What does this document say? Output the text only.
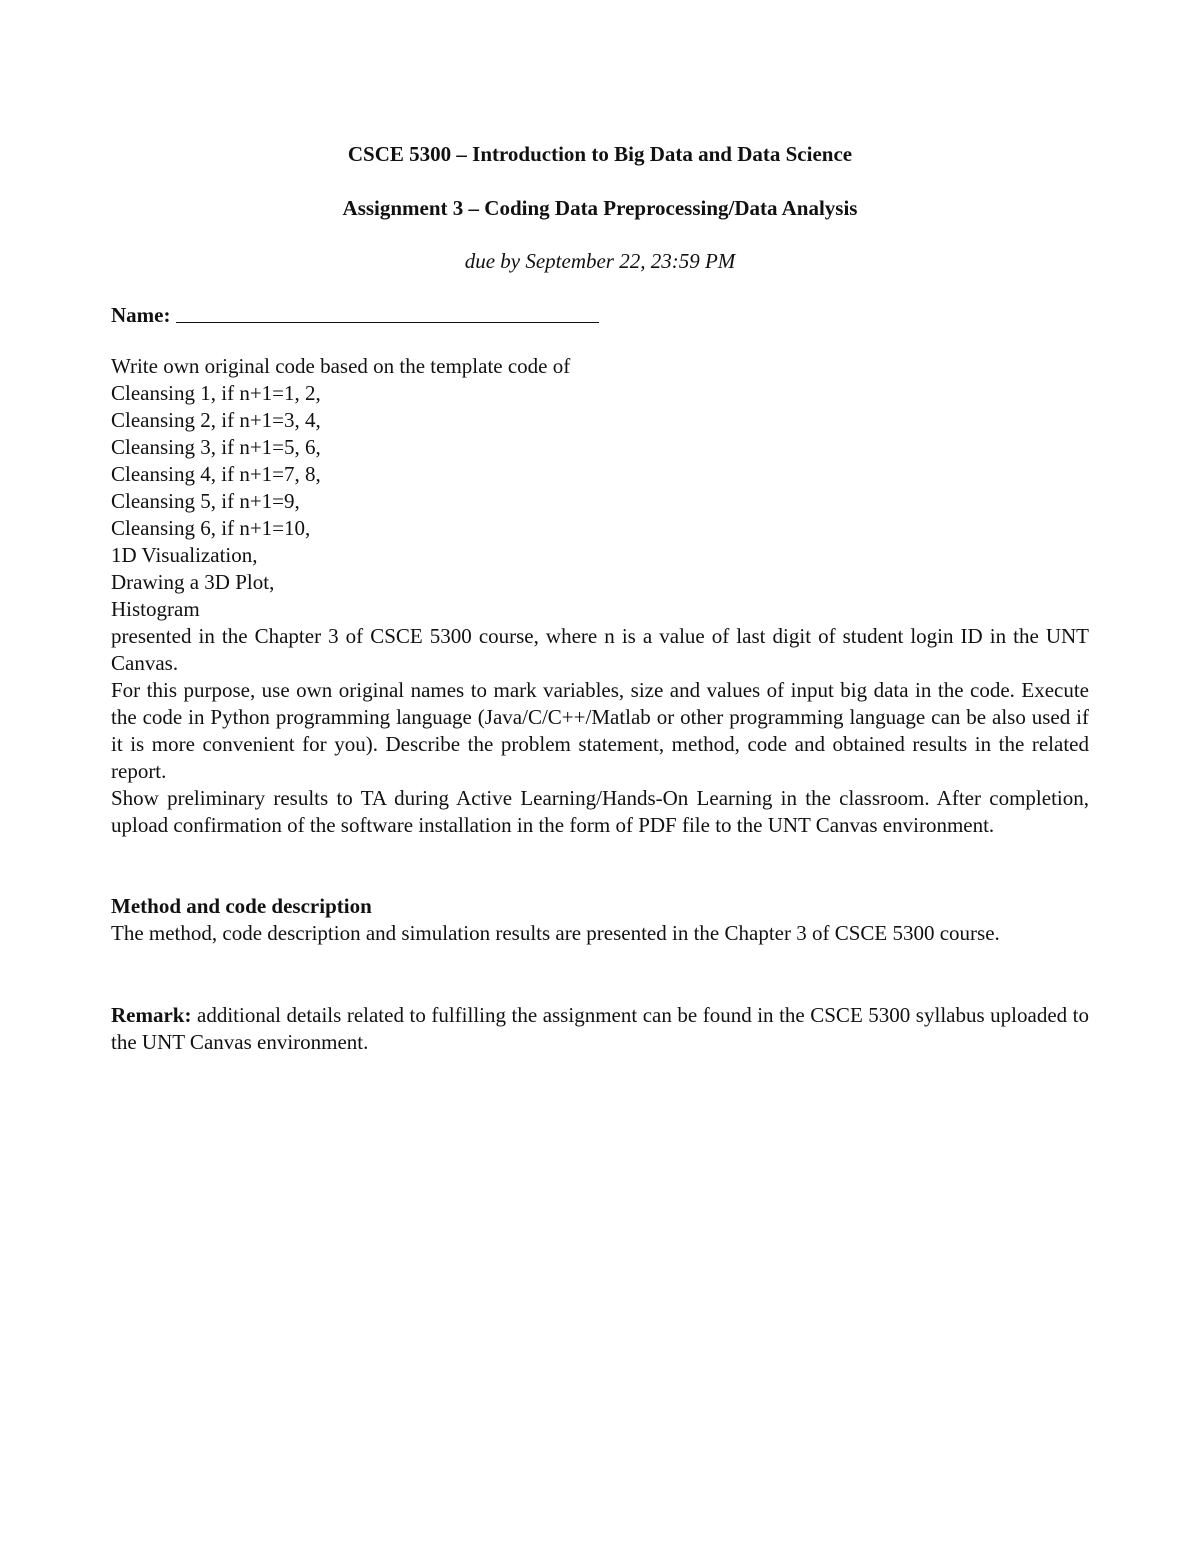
CSCE 5300 – Introduction to Big Data and Data Science
Assignment 3 – Coding Data Preprocessing/Data Analysis
due by September 22, 23:59 PM
Name:
Write own original code based on the template code of
Cleansing 1, if n+1=1, 2,
Cleansing 2, if n+1=3, 4,
Cleansing 3, if n+1=5, 6,
Cleansing 4, if n+1=7, 8,
Cleansing 5, if n+1=9,
Cleansing 6, if n+1=10,
1D Visualization,
Drawing a 3D Plot,
Histogram

presented in the Chapter 3 of CSCE 5300 course, where n is a value of last digit of student login ID in the UNT Canvas.

For this purpose, use own original names to mark variables, size and values of input big data in the code. Execute the code in Python programming language (Java/C/C++/Matlab or other programming language can be also used if it is more convenient for you). Describe the problem statement, method, code and obtained results in the related report.

Show preliminary results to TA during Active Learning/Hands-On Learning in the classroom. After completion, upload confirmation of the software installation in the form of PDF file to the UNT Canvas environment.

Method and code description

The method, code description and simulation results are presented in the Chapter 3 of CSCE 5300 course.

Remark: additional details related to fulfilling the assignment can be found in the CSCE 5300 syllabus uploaded to the UNT Canvas environment.
